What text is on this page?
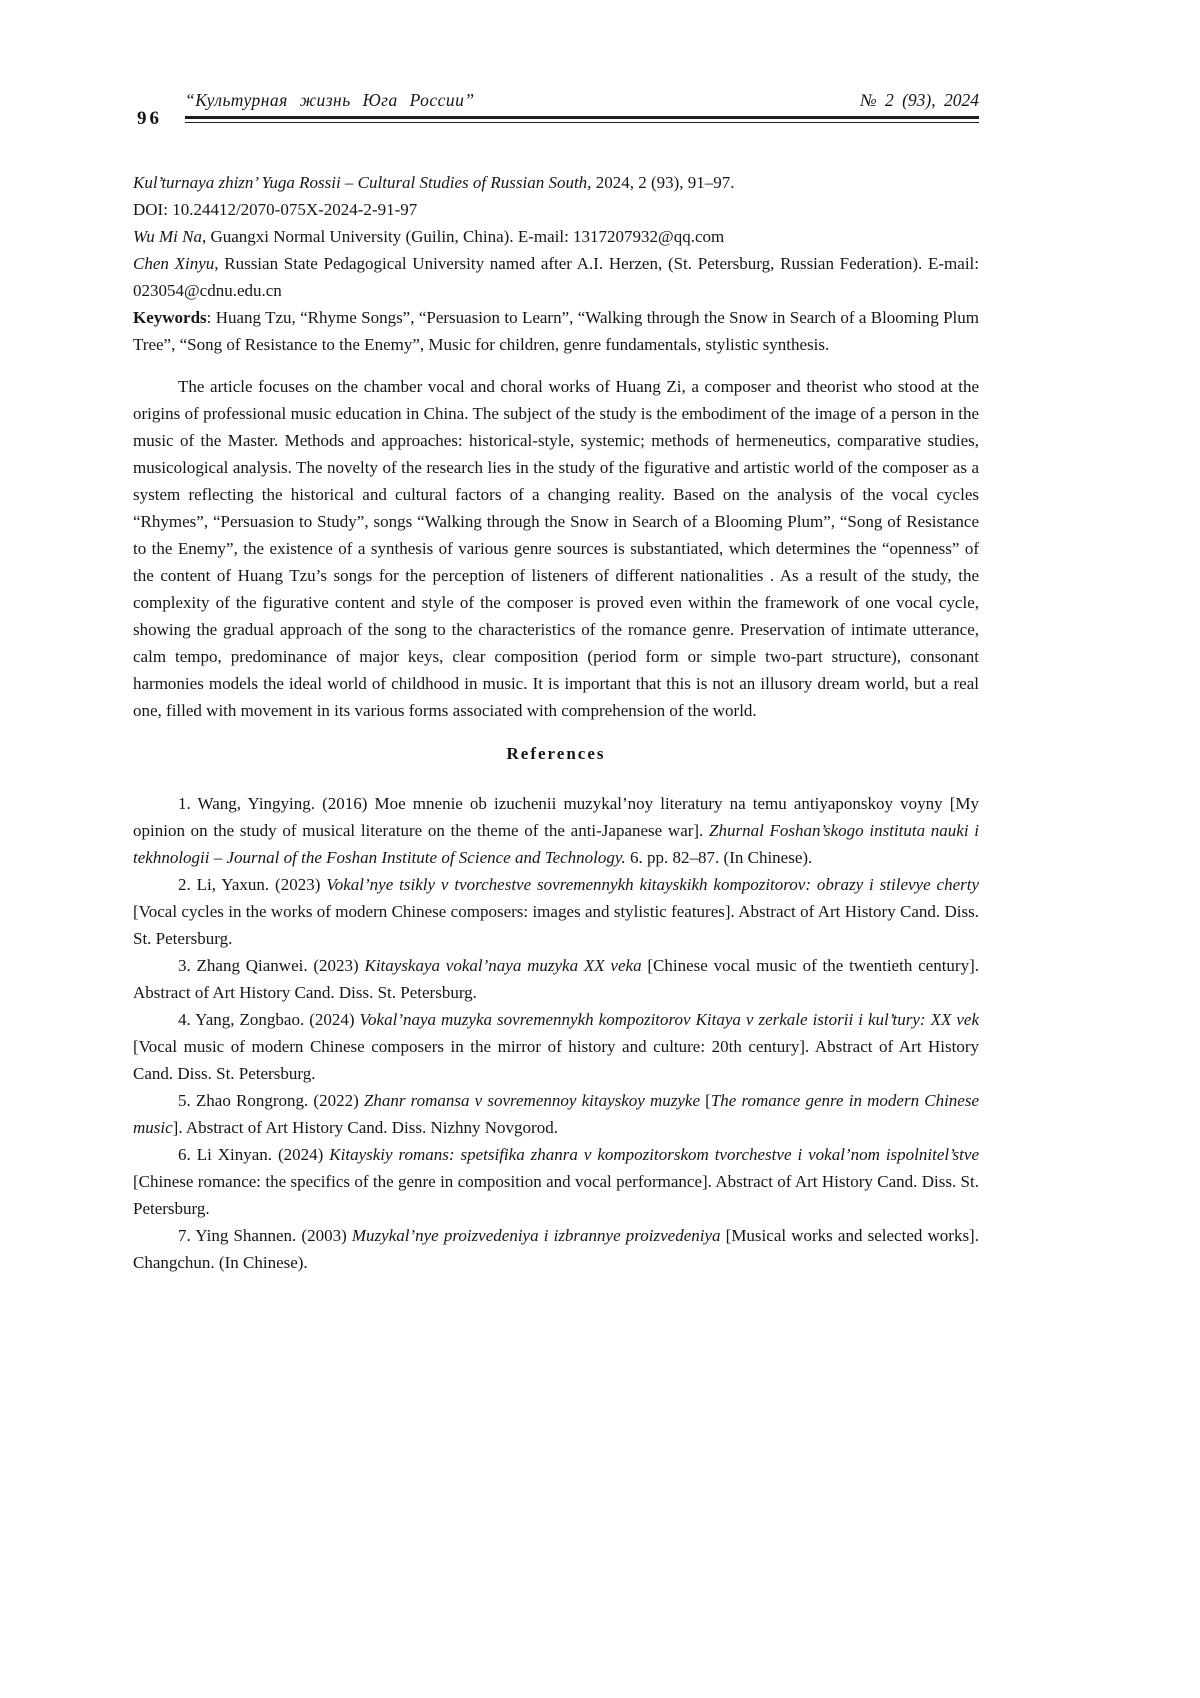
96
“Культурная жизнь Юга России”	№ 2 (93), 2024

Kul’turnaya zhizn’ Yuga Rossii – Cultural Studies of Russian South, 2024, 2 (93), 91–97.

DOI: 10.24412/2070-075X-2024-2-91-97

Wu Mi Na, Guangxi Normal University (Guilin, China). E-mail: 1317207932@qq.com

Chen Xinyu, Russian State Pedagogical University named after A.I. Herzen, (St. Petersburg, Russian Federation). E-mail: 023054@cdnu.edu.cn

Keywords: Huang Tzu, “Rhyme Songs”, “Persuasion to Learn”, “Walking through the Snow in Search of a Blooming Plum Tree”, “Song of Resistance to the Enemy”, Music for children, genre fundamentals, stylistic synthesis.

The article focuses on the chamber vocal and choral works of Huang Zi, a composer and theorist who stood at the origins of professional music education in China. The subject of the study is the embodiment of the image of a person in the music of the Master. Methods and approaches: historical-style, systemic; methods of hermeneutics, comparative studies, musicological analysis. The novelty of the research lies in the study of the figurative and artistic world of the composer as a system reflecting the historical and cultural factors of a changing reality. Based on the analysis of the vocal cycles “Rhymes”, “Persuasion to Study”, songs “Walking through the Snow in Search of a Blooming Plum”, “Song of Resistance to the Enemy”, the existence of a synthesis of various genre sources is substantiated, which determines the “openness” of the content of Huang Tzu’s songs for the perception of listeners of different nationalities . As a result of the study, the complexity of the figurative content and style of the composer is proved even within the framework of one vocal cycle, showing the gradual approach of the song to the characteristics of the romance genre. Preservation of intimate utterance, calm tempo, predominance of major keys, clear composition (period form or simple two-part structure), consonant harmonies models the ideal world of childhood in music. It is important that this is not an illusory dream world, but a real one, filled with movement in its various forms associated with comprehension of the world.

References

1. Wang, Yingying. (2016) Moe mnenie ob izuchenii muzykal’noy literatury na temu antiyaponskoy voyny [My opinion on the study of musical literature on the theme of the anti-Japanese war]. Zhurnal Foshan’skogo instituta nauki i tekhnologii – Journal of the Foshan Institute of Science and Technology. 6. pp. 82–87. (In Chinese).

2. Li, Yaxun. (2023) Vokal’nye tsikly v tvorchestve sovremennykh kitayskikh kompozitorov: obrazy i stilevye cherty [Vocal cycles in the works of modern Chinese composers: images and stylistic features]. Abstract of Art History Cand. Diss. St. Petersburg.

3. Zhang Qianwei. (2023) Kitayskaya vokal’naya muzyka XX veka [Chinese vocal music of the twentieth century]. Abstract of Art History Cand. Diss. St. Petersburg.

4. Yang, Zongbao. (2024) Vokal’naya muzyka sovremennykh kompozitorov Kitaya v zerkale istorii i kul’tury: XX vek [Vocal music of modern Chinese composers in the mirror of history and culture: 20th century]. Abstract of Art History Cand. Diss. St. Petersburg.

5. Zhao Rongrong. (2022) Zhanr romansa v sovremennoy kitayskoy muzyke [The romance genre in modern Chinese music]. Abstract of Art History Cand. Diss. Nizhny Novgorod.

6. Li Xinyan. (2024) Kitayskiy romans: spetsifika zhanra v kompozitorskom tvorchestve i vokal’nom ispolnitel’stve [Chinese romance: the specifics of the genre in composition and vocal performance]. Abstract of Art History Cand. Diss. St. Petersburg.

7. Ying Shannen. (2003) Muzykal’nye proizvedeniya i izbrannye proizvedeniya [Musical works and selected works]. Changchun. (In Chinese).
